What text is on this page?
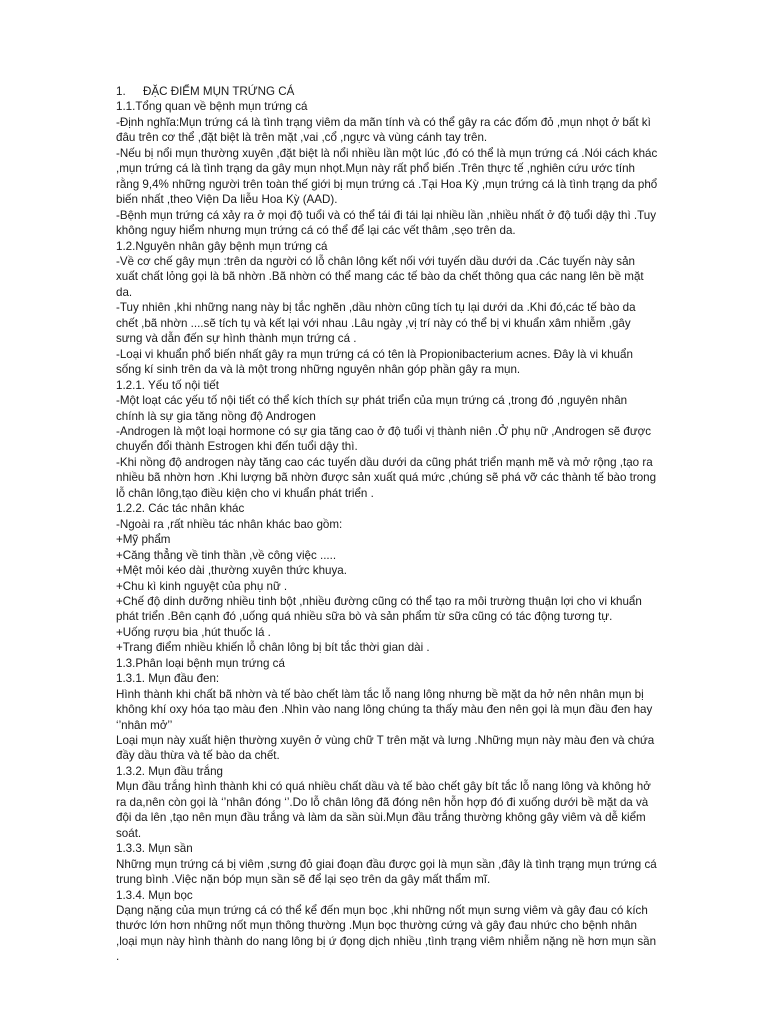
1. ĐẶC ĐIỂM MỤN TRỨNG CÁ

1.1.Tổng quan về bệnh mụn trứng cá

-Định nghĩa:Mụn trứng cá là tình trạng viêm da mãn tính và có thể gây ra các đốm đỏ ,mụn nhọt ở bất kì đâu trên cơ thể ,đặt biệt là trên mặt ,vai ,cổ ,ngực và vùng cánh tay trên.

-Nếu bị nổi mụn thường xuyên ,đặt biệt là nổi nhiều lần một lúc ,đó có thể là mụn trứng cá .Nói cách khác ,mụn trứng cá là tình trạng da gây mụn nhọt.Mụn này rất phổ biến .Trên thực tế ,nghiên cứu ước tính rằng 9,4% những người trên toàn thế giới bị mụn trứng cá .Tại Hoa Kỳ ,mụn trứng cá là tình trạng da phổ biến nhất ,theo Viện Da liễu Hoa Kỳ (AAD).

-Bệnh mụn trứng cá xảy ra ở mọi độ tuổi và có thể tái đi tái lại nhiều lần ,nhiều nhất ở độ tuổi dậy thì .Tuy không nguy hiểm nhưng mụn trứng cá có thể để lại các vết thâm ,sẹo trên da.

1.2.Nguyên nhân gây bệnh mụn trứng cá

-Về cơ chế gây mụn :trên da người có lỗ chân lông kết nối với tuyến dầu dưới da .Các tuyến này sản xuất chất lỏng gọi là bã nhờn .Bã nhờn có thể mang các tế bào da chết thông qua các nang lên bề mặt da.

-Tuy nhiên ,khi những nang này bị tắc nghẽn ,dầu nhờn cũng tích tụ lại dưới da .Khi đó,các tế bào da chết ,bã nhờn ....sẽ tích tụ và kết lại với nhau .Lâu ngày ,vị trí này có thể bị vi khuẩn xâm nhiễm ,gây sưng và dẫn đến sự hình thành mụn trứng cá .

-Loại vi khuẩn phổ biến nhất gây ra mụn trứng cá có tên là Propionibacterium acnes. Đây là vi khuẩn sống kí sinh trên da và là một trong những nguyên nhân góp phần gây ra mụn.

1.2.1. Yếu tố nội tiết

-Một loạt các yếu tố nội tiết có thể kích thích sự phát triển của mụn trứng cá ,trong đó ,nguyên nhân chính là sự gia tăng nồng độ Androgen

-Androgen là một loại hormone có sự gia tăng cao ở độ tuổi vị thành niên .Ở phụ nữ ,Androgen sẽ được chuyển đổi thành Estrogen khi đến tuổi dậy thì.

-Khi nồng độ androgen này tăng cao các tuyến dầu dưới da cũng phát triển mạnh mẽ và mở rộng ,tạo ra nhiều bã nhờn hơn .Khi lượng bã nhờn được sản xuất quá mức ,chúng sẽ phá vỡ các thành tế bào trong lỗ chân lông,tạo điều kiện cho vi khuẩn phát triển .

1.2.2. Các tác nhân khác

-Ngoài ra ,rất nhiều tác nhân khác bao gồm:

+Mỹ phẩm

+Căng thẳng về tinh thần ,về công việc .....

+Mệt mỏi kéo dài ,thường xuyên thức khuya.

+Chu kì kinh nguyệt của phụ nữ .

+Chế độ dinh dưỡng nhiều tinh bột ,nhiều đường cũng có thể tạo ra môi trường thuận lợi cho vi khuẩn phát triển .Bên cạnh đó ,uống quá nhiều sữa bò và sản phẩm từ sữa cũng có tác động tương tự.

+Uống rượu bia ,hút thuốc lá .

+Trang điểm nhiều khiến lỗ chân lông bị bít tắc thời gian dài .

1.3.Phân loại bệnh mụn trứng cá

1.3.1. Mụn đầu đen:

Hình thành khi chất bã nhờn và tế bào chết làm tắc lỗ nang lông nhưng bề mặt da hở nên nhân mụn bị không khí oxy hóa tạo màu đen .Nhìn vào nang lông chúng ta thấy màu đen nên gọi là mụn đầu đen hay ‘’nhân mở’’

Loại mụn này xuất hiện thường xuyên ở vùng chữ T trên mặt và lưng .Những mụn này màu đen và chứa đầy dầu thừa và tế bào da chết.

1.3.2. Mụn đầu trắng

Mụn đầu trắng hình thành khi có quá nhiều chất dầu và tế bào chết gây bít tắc lỗ nang lông và không hở ra da,nên còn gọi là ‘’nhân đóng ‘’.Do lỗ chân lông đã đóng nên hỗn hợp đó đi xuống dưới bề mặt da và đội da lên ,tạo nên mụn đầu trắng và làm da sần sùi.Mụn đầu trắng thường không gây viêm và dễ kiểm soát.

1.3.3. Mụn sần

Những mụn trứng cá bị viêm ,sưng đỏ giai đoạn đầu được gọi là mụn sần ,đây là tình trạng mụn trứng cá trung bình .Việc nặn bóp mụn sần sẽ để lại sẹo trên da gây mất thẩm mĩ.

1.3.4. Mụn bọc

Dạng nặng của mụn trứng cá có thể kể đến mụn bọc ,khi những nốt mụn sưng viêm và gây đau có kích thước lớn hơn những nốt mụn thông thường .Mụn bọc thường cứng và gây đau nhức cho bệnh nhân ,loại mụn này hình thành do nang lông bị ứ đọng dịch nhiều ,tình trạng viêm nhiễm nặng nề hơn mụn sần .
